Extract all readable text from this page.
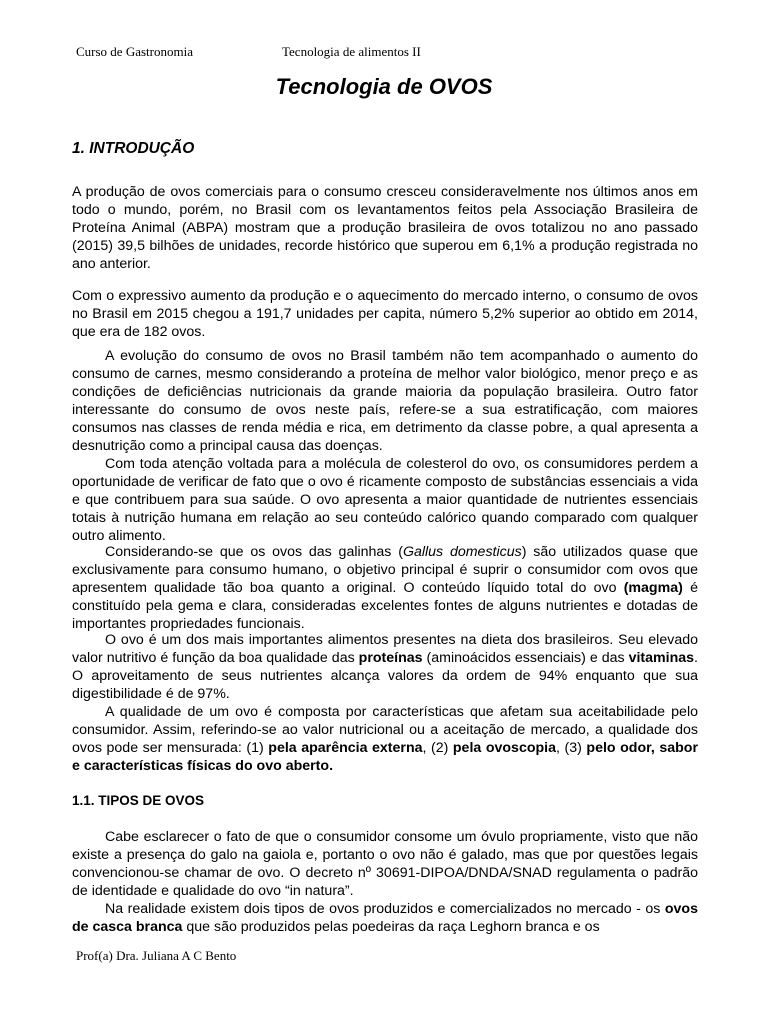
Curso de Gastronomia	Tecnologia de alimentos II
Tecnologia de OVOS
1. INTRODUÇÃO

A produção de ovos comerciais para o consumo cresceu consideravelmente nos últimos anos em todo o mundo, porém, no Brasil com os levantamentos feitos pela Associação Brasileira de Proteína Animal (ABPA) mostram que a produção brasileira de ovos totalizou no ano passado (2015) 39,5 bilhões de unidades, recorde histórico que superou em 6,1% a produção registrada no ano anterior.

Com o expressivo aumento da produção e o aquecimento do mercado interno, o consumo de ovos no Brasil em 2015 chegou a 191,7 unidades per capita, número 5,2% superior ao obtido em 2014, que era de 182 ovos.

A evolução do consumo de ovos no Brasil também não tem acompanhado o aumento do consumo de carnes, mesmo considerando a proteína de melhor valor biológico, menor preço e as condições de deficiências nutricionais da grande maioria da população brasileira. Outro fator interessante do consumo de ovos neste país, refere-se a sua estratificação, com maiores consumos nas classes de renda média e rica, em detrimento da classe pobre, a qual apresenta a desnutrição como a principal causa das doenças.

Com toda atenção voltada para a molécula de colesterol do ovo, os consumidores perdem a oportunidade de verificar de fato que o ovo é ricamente composto de substâncias essenciais a vida e que contribuem para sua saúde. O ovo apresenta a maior quantidade de nutrientes essenciais totais à nutrição humana em relação ao seu conteúdo calórico quando comparado com qualquer outro alimento.

Considerando-se que os ovos das galinhas (Gallus domesticus) são utilizados quase que exclusivamente para consumo humano, o objetivo principal é suprir o consumidor com ovos que apresentem qualidade tão boa quanto a original. O conteúdo líquido total do ovo (magma) é constituído pela gema e clara, consideradas excelentes fontes de alguns nutrientes e dotadas de importantes propriedades funcionais.

O ovo é um dos mais importantes alimentos presentes na dieta dos brasileiros. Seu elevado valor nutritivo é função da boa qualidade das proteínas (aminoácidos essenciais) e das vitaminas. O aproveitamento de seus nutrientes alcança valores da ordem de 94% enquanto que sua digestibilidade é de 97%.

A qualidade de um ovo é composta por características que afetam sua aceitabilidade pelo consumidor. Assim, referindo-se ao valor nutricional ou a aceitação de mercado, a qualidade dos ovos pode ser mensurada: (1) pela aparência externa, (2) pela ovoscopia, (3) pelo odor, sabor e características físicas do ovo aberto.

1.1. TIPOS DE OVOS

Cabe esclarecer o fato de que o consumidor consome um óvulo propriamente, visto que não existe a presença do galo na gaiola e, portanto o ovo não é galado, mas que por questões legais convencionou-se chamar de ovo. O decreto nº 30691-DIPOA/DNDA/SNAD regulamenta o padrão de identidade e qualidade do ovo “in natura”.

Na realidade existem dois tipos de ovos produzidos e comercializados no mercado - os ovos de casca branca que são produzidos pelas poedeiras da raça Leghorn branca e os

Prof(a) Dra. Juliana A C Bento
